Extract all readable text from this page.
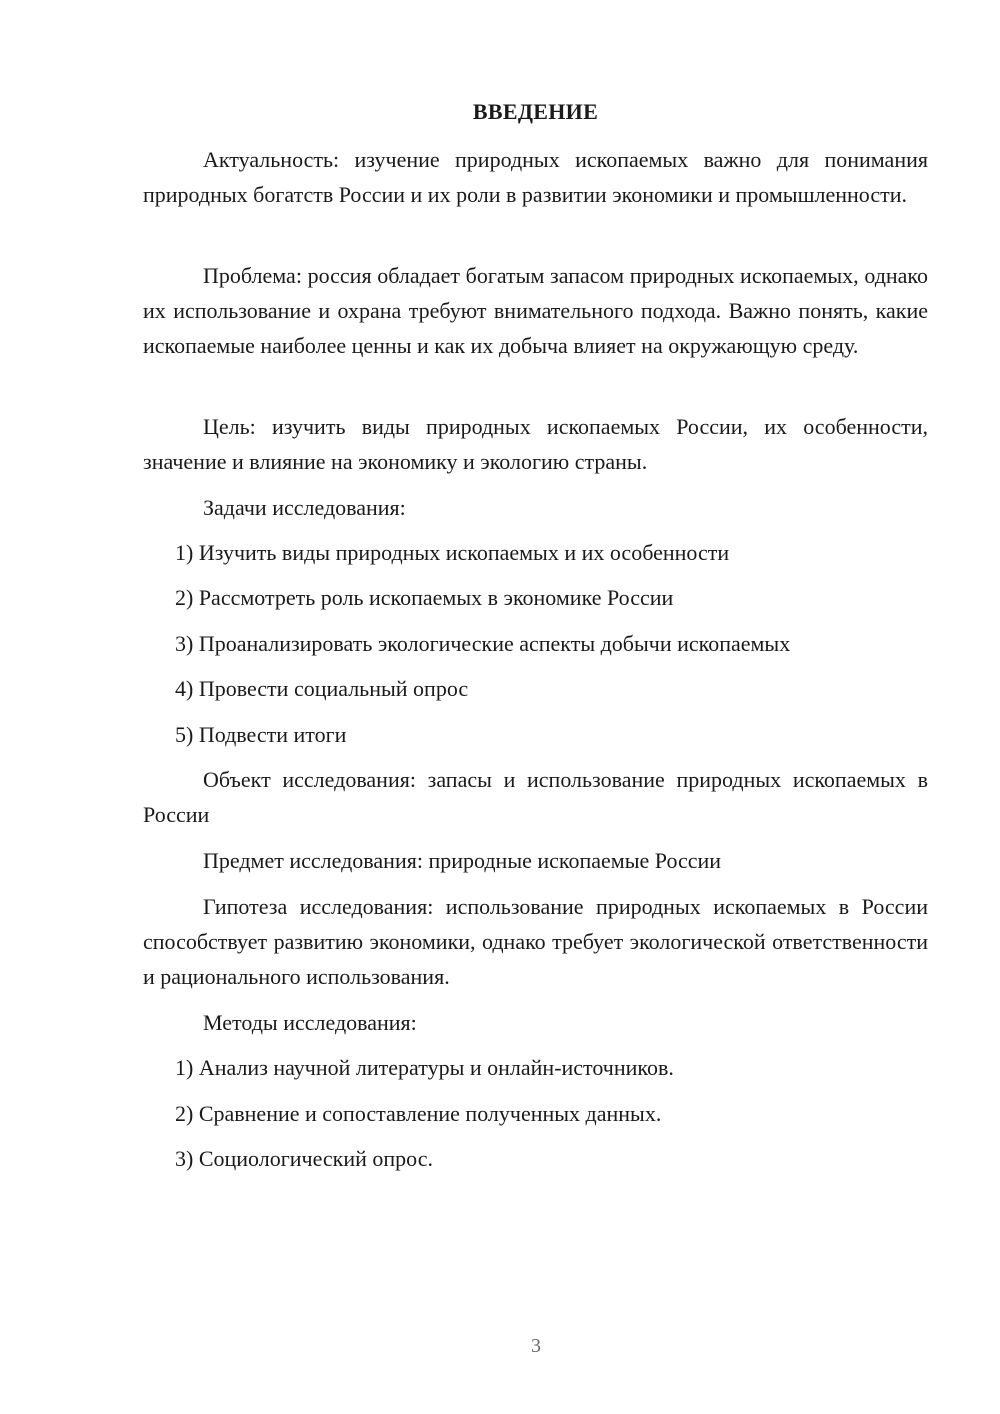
ВВЕДЕНИЕ
Актуальность: изучение природных ископаемых важно для понимания природных богатств России и их роли в развитии экономики и промышленности.
Проблема: россия обладает богатым запасом природных ископаемых, однако их использование и охрана требуют внимательного подхода. Важно понять, какие ископаемые наиболее ценны и как их добыча влияет на окружающую среду.
Цель: изучить виды природных ископаемых России, их особенности, значение и влияние на экономику и экологию страны.
Задачи исследования:
1) Изучить виды природных ископаемых и их особенности
2) Рассмотреть роль ископаемых в экономике России
3) Проанализировать экологические аспекты добычи ископаемых
4) Провести социальный опрос
5) Подвести итоги
Объект исследования: запасы и использование природных ископаемых в России
Предмет исследования: природные ископаемые России
Гипотеза исследования: использование природных ископаемых в России способствует развитию экономики, однако требует экологической ответственности и рационального использования.
Методы исследования:
1) Анализ научной литературы и онлайн-источников.
2) Сравнение и сопоставление полученных данных.
3) Социологический опрос.
3
